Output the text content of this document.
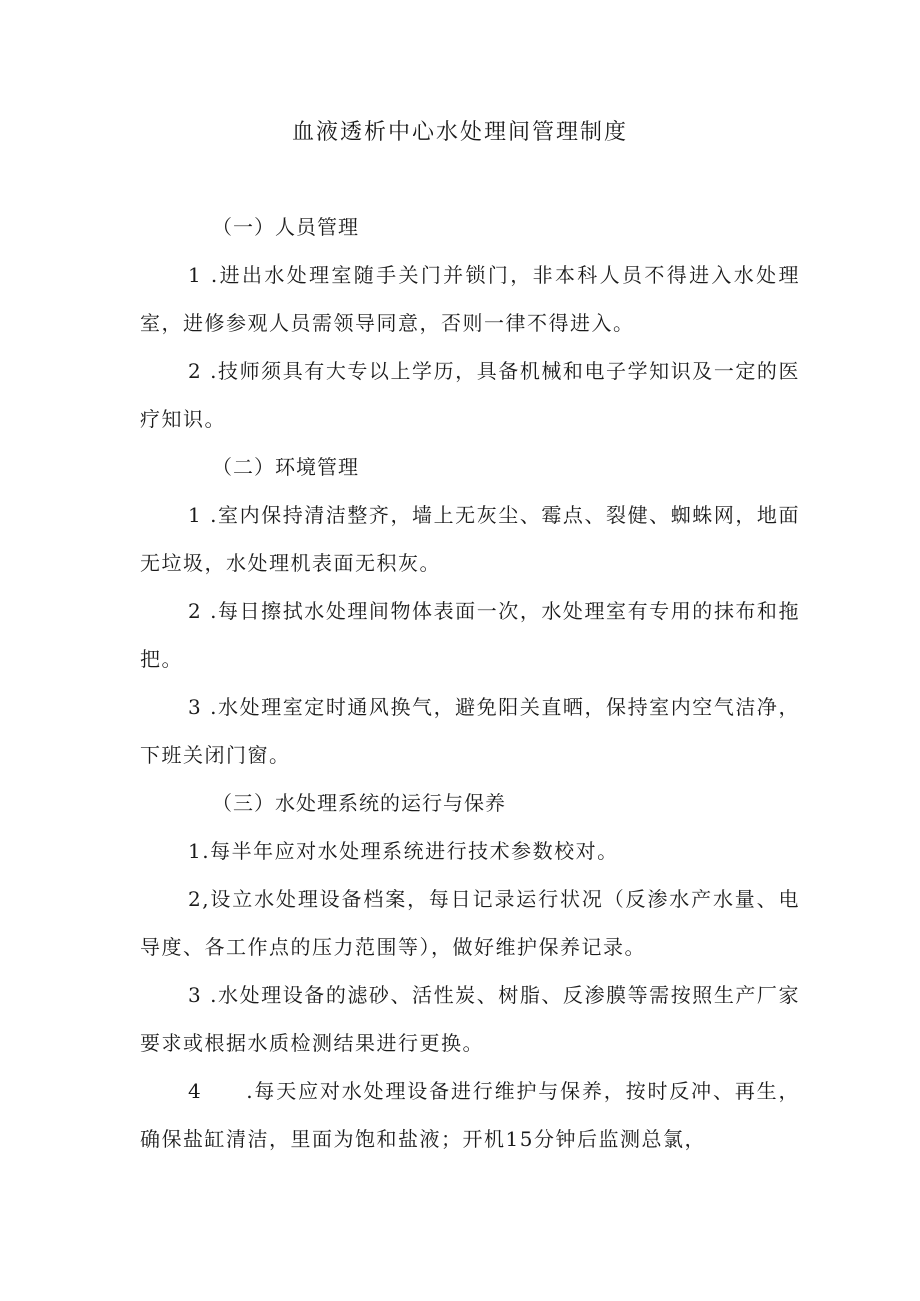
血液透析中心水处理间管理制度

（一）人员管理

1 .进出水处理室随手关门并锁门，非本科人员不得进入水处理室，进修参观人员需领导同意，否则一律不得进入。

2 .技师须具有大专以上学历，具备机械和电子学知识及一定的医疗知识。

（二）环境管理

1 .室内保持清洁整齐，墙上无灰尘、霉点、裂健、蜘蛛网，地面无垃圾，水处理机表面无积灰。

2 .每日擦拭水处理间物体表面一次，水处理室有专用的抹布和拖把。

3 .水处理室定时通风换气，避免阳关直晒，保持室内空气洁净，下班关闭门窗。

（三）水处理系统的运行与保养

1.每半年应对水处理系统进行技术参数校对。

2,设立水处理设备档案，每日记录运行状况（反渗水产水量、电导度、各工作点的压力范围等），做好维护保养记录。

3 .水处理设备的滤砂、活性炭、树脂、反渗膜等需按照生产厂家要求或根据水质检测结果进行更换。

4　　.每天应对水处理设备进行维护与保养，按时反冲、再生，确保盐缸清洁，里面为饱和盐液；开机15分钟后监测总氯，
